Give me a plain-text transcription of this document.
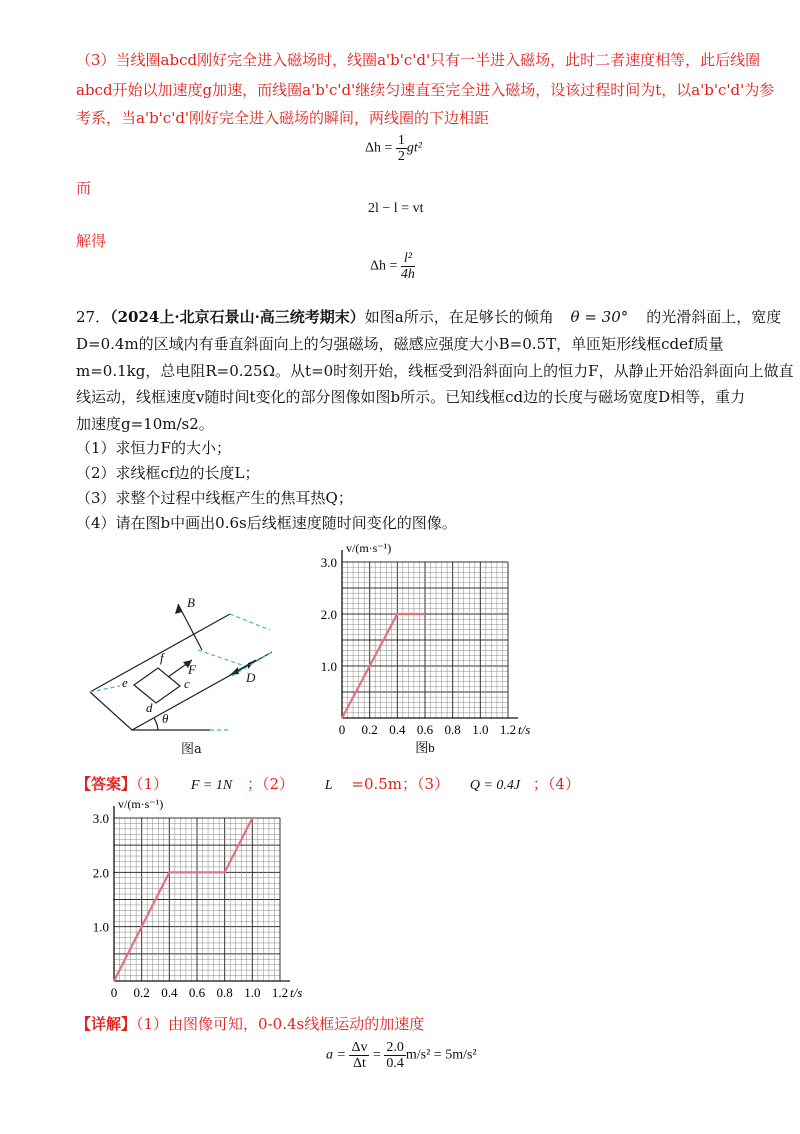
（3）当线圈abcd刚好完全进入磁场时，线圈a'b'c'd'只有一半进入磁场，此时二者速度相等，此后线圈
abcd开始以加速度g加速，而线圈a'b'c'd'继续匀速直至完全进入磁场，设该过程时间为t，以a'b'c'd'为参
考系，当a'b'c'd'刚好完全进入磁场的瞬间，两线圈的下边相距
$\Delta h = \frac{1}{2} gt^2$
而
2l − l = vt
解得
$\Delta h = \frac{\text{l²}}{4h}$
27．（2024上·北京石景山·高三统考期末）如图a所示，在足够长的倾角 θ = 30° 的光滑斜面上，宽度
D=0.4m的区域内有垂直斜面向上的匀强磁场，磁感应强度大小B=0.5T，单匝矩形线框cdef质量
m=0.1kg，总电阻R=0.25Ω。从t=0时刻开始，线框受到沿斜面向上的恒力F，从静止开始沿斜面向上做直
线运动，线框速度v随时间t变化的部分图像如图b所示。已知线框cd边的长度与磁场宽度D相等，重力
加速度g=10m/s2。
（1）求恒力F的大小；
（2）求线框cf边的长度L；
（3）求整个过程中线框产生的焦耳热Q；
（4）请在图b中画出0.6s后线框速度随时间变化的图像。
B
F
f
e	c
d
D
θ
图a
0 0.2 0.4 0.6 0.8 1.0 1.2
1.0
2.0
3.0
t/s
v/(m·s⁻¹)
图b
【答案】（1） F = 1N ；（2） L =0.5m；（3） Q = 0.4J ；（4）
0 0.2 0.4 0.6 0.8 1.0 1.2
1.0
2.0
3.0
t/s
v/(m·s⁻¹)
【详解】（1）由图像可知，0-0.4s线框运动的加速度
$a = \frac{\Delta v}{\Delta t} = \frac{2.0}{0.4} m/s^2 = 5m/s^2$
